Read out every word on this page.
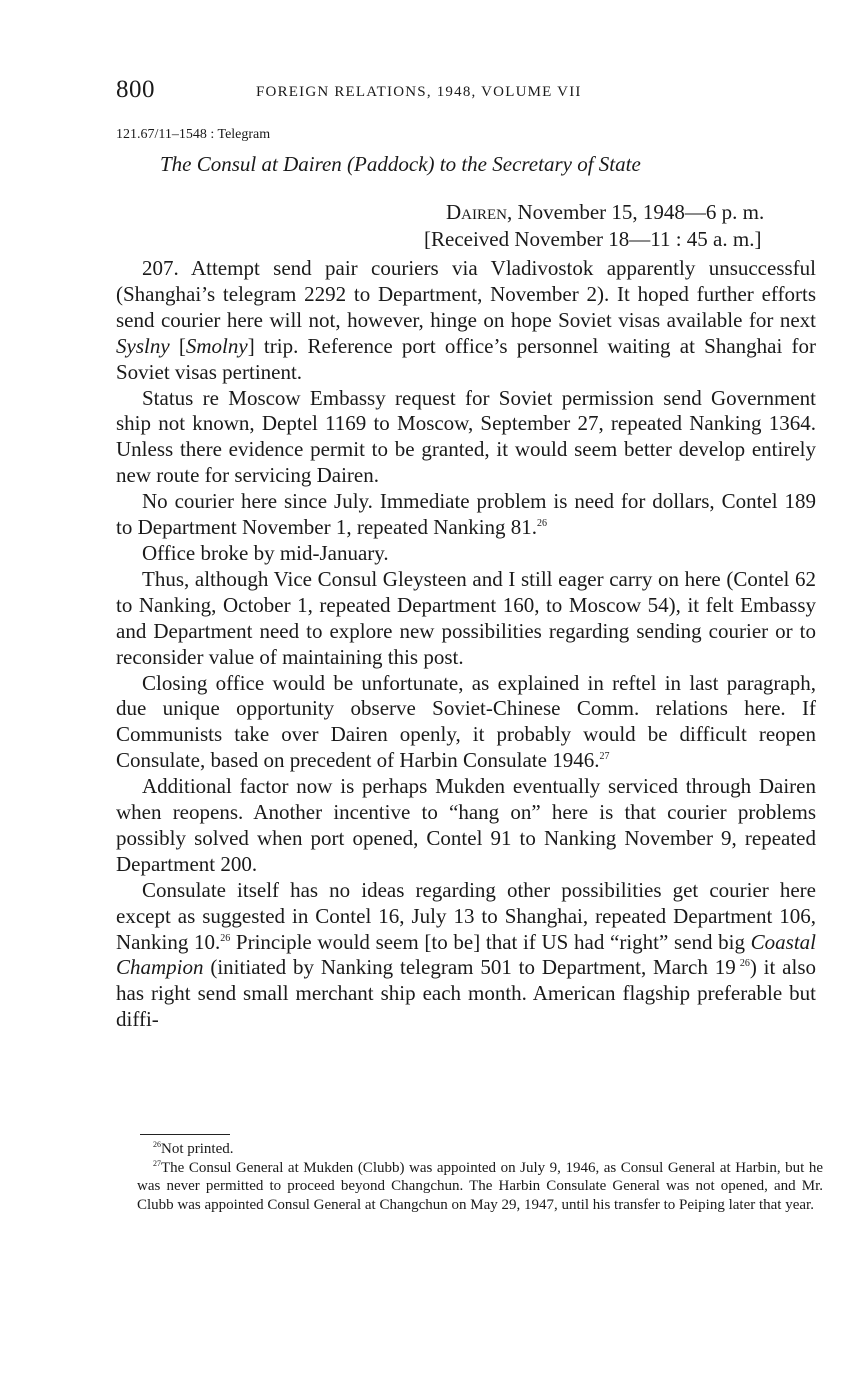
800	FOREIGN RELATIONS, 1948, VOLUME VII
121.67/11–1548 : Telegram
The Consul at Dairen (Paddock) to the Secretary of State
Dairen, November 15, 1948—6 p. m.
[Received November 18—11 : 45 a. m.]

207. Attempt send pair couriers via Vladivostok apparently unsuccessful (Shanghai’s telegram 2292 to Department, November 2). It hoped further efforts send courier here will not, however, hinge on hope Soviet visas available for next Syslny [Smolny] trip. Reference port office’s personnel waiting at Shanghai for Soviet visas pertinent.

Status re Moscow Embassy request for Soviet permission send Government ship not known, Deptel 1169 to Moscow, September 27, repeated Nanking 1364. Unless there evidence permit to be granted, it would seem better develop entirely new route for servicing Dairen.

No courier here since July. Immediate problem is need for dollars, Contel 189 to Department November 1, repeated Nanking 81.26

Office broke by mid-January.

Thus, although Vice Consul Gleysteen and I still eager carry on here (Contel 62 to Nanking, October 1, repeated Department 160, to Moscow 54), it felt Embassy and Department need to explore new possibilities regarding sending courier or to reconsider value of maintaining this post.

Closing office would be unfortunate, as explained in reftel in last paragraph, due unique opportunity observe Soviet-Chinese Comm. relations here. If Communists take over Dairen openly, it probably would be difficult reopen Consulate, based on precedent of Harbin Consulate 1946.27

Additional factor now is perhaps Mukden eventually serviced through Dairen when reopens. Another incentive to “hang on” here is that courier problems possibly solved when port opened, Contel 91 to Nanking November 9, repeated Department 200.

Consulate itself has no ideas regarding other possibilities get courier here except as suggested in Contel 16, July 13 to Shanghai, repeated Department 106, Nanking 10.26 Principle would seem [to be] that if US had “right” send big Coastal Champion (initiated by Nanking telegram 501 to Department, March 19 $^{26}$) it also has right send small merchant ship each month. American flagship preferable but diffi-

$^{26}$Not printed.

$^{27}$The Consul General at Mukden (Clubb) was appointed on July 9, 1946, as Consul General at Harbin, but he was never permitted to proceed beyond Changchun. The Harbin Consulate General was not opened, and Mr. Clubb was appointed Consul General at Changchun on May 29, 1947, until his transfer to Peiping later that year.
